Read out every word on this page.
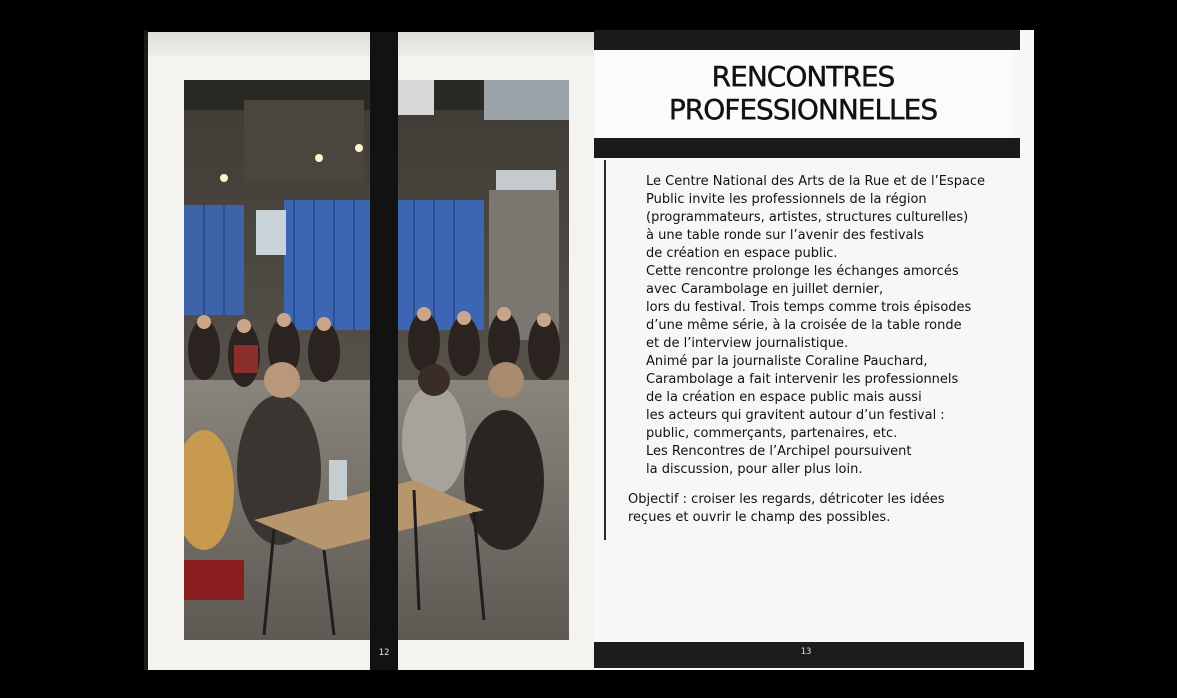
12
RENCONTRES
PROFESSIONNELLES

Le Centre National des Arts de la Rue et de l’Espace

Public invite les professionnels de la région

(programmateurs, artistes, structures culturelles)

à une table ronde sur l’avenir des festivals

de création en espace public.

Cette rencontre prolonge les échanges amorcés

avec Carambolage en juillet dernier,

lors du festival. Trois temps comme trois épisodes

d’une même série, à la croisée de la table ronde

et de l’interview journalistique.

Animé par la journaliste Coraline Pauchard,

Carambolage a fait intervenir les professionnels

de la création en espace public mais aussi

les acteurs qui gravitent autour d’un festival :

public, commerçants, partenaires, etc.

Les Rencontres de l’Archipel poursuivent

la discussion, pour aller plus loin.

Objectif : croiser les regards, détricoter les idées

reçues et ouvrir le champ des possibles.

13
